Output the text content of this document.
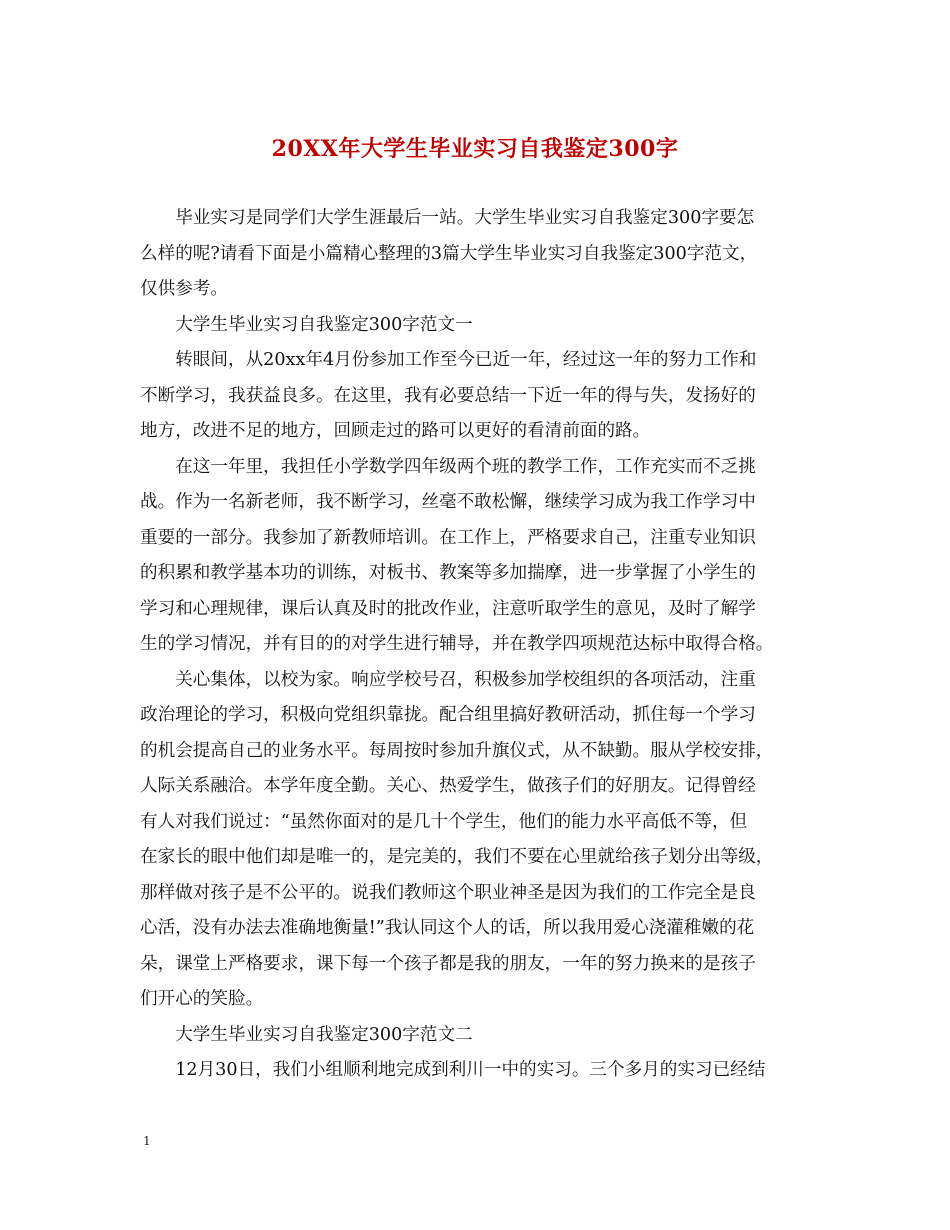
20XX年大学生毕业实习自我鉴定300字

毕业实习是同学们大学生涯最后一站。大学生毕业实习自我鉴定300字要怎
么样的呢?请看下面是小篇精心整理的3篇大学生毕业实习自我鉴定300字范文，
仅供参考。

大学生毕业实习自我鉴定300字范文一

转眼间，从20xx年4月份参加工作至今已近一年，经过这一年的努力工作和
不断学习，我获益良多。在这里，我有必要总结一下近一年的得与失，发扬好的
地方，改进不足的地方，回顾走过的路可以更好的看清前面的路。

在这一年里，我担任小学数学四年级两个班的教学工作，工作充实而不乏挑
战。作为一名新老师，我不断学习，丝毫不敢松懈，继续学习成为我工作学习中
重要的一部分。我参加了新教师培训。在工作上，严格要求自己，注重专业知识
的积累和教学基本功的训练，对板书、教案等多加揣摩，进一步掌握了小学生的
学习和心理规律，课后认真及时的批改作业，注意听取学生的意见，及时了解学
生的学习情况，并有目的的对学生进行辅导，并在教学四项规范达标中取得合格。

关心集体，以校为家。响应学校号召，积极参加学校组织的各项活动，注重
政治理论的学习，积极向党组织靠拢。配合组里搞好教研活动，抓住每一个学习
的机会提高自己的业务水平。每周按时参加升旗仪式，从不缺勤。服从学校安排，
人际关系融洽。本学年度全勤。关心、热爱学生，做孩子们的好朋友。记得曾经
有人对我们说过：“虽然你面对的是几十个学生，他们的能力水平高低不等，但
在家长的眼中他们却是唯一的，是完美的，我们不要在心里就给孩子划分出等级，
那样做对孩子是不公平的。说我们教师这个职业神圣是因为我们的工作完全是良
心活，没有办法去准确地衡量!”我认同这个人的话，所以我用爱心浇灌稚嫩的花
朵，课堂上严格要求，课下每一个孩子都是我的朋友，一年的努力换来的是孩子
们开心的笑脸。

大学生毕业实习自我鉴定300字范文二

12月30日，我们小组顺利地完成到利川一中的实习。三个多月的实习已经结

1
